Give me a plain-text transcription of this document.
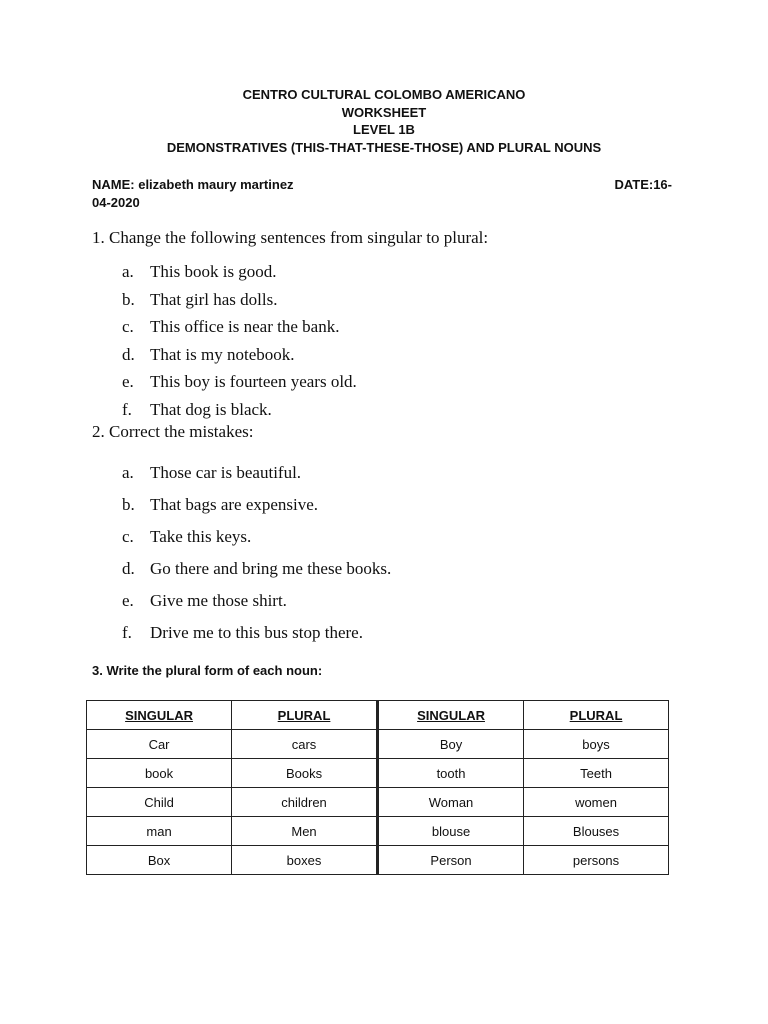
CENTRO CULTURAL COLOMBO AMERICANO
WORKSHEET
LEVEL 1B
DEMONSTRATIVES (THIS-THAT-THESE-THOSE) AND PLURAL NOUNS
NAME: elizabeth maury martinez	DATE:16-
04-2020
1. Change the following sentences from singular to plural:
a. This book is good.
b. That girl has dolls.
c. This office is near the bank.
d. That is my notebook.
e. This boy is fourteen years old.
f. That dog is black.
2. Correct the mistakes:
a. Those car is beautiful.
b. That bags are expensive.
c. Take this keys.
d. Go there and bring me these books.
e. Give me those shirt.
f. Drive me to this bus stop there.
3. Write the plural form of each noun:
SINGULAR	PLURAL	SINGULAR	PLURAL
Car	cars	Boy	boys
book	Books	tooth	Teeth
Child	children	Woman	women
man	Men	blouse	Blouses
Box	boxes	Person	persons
